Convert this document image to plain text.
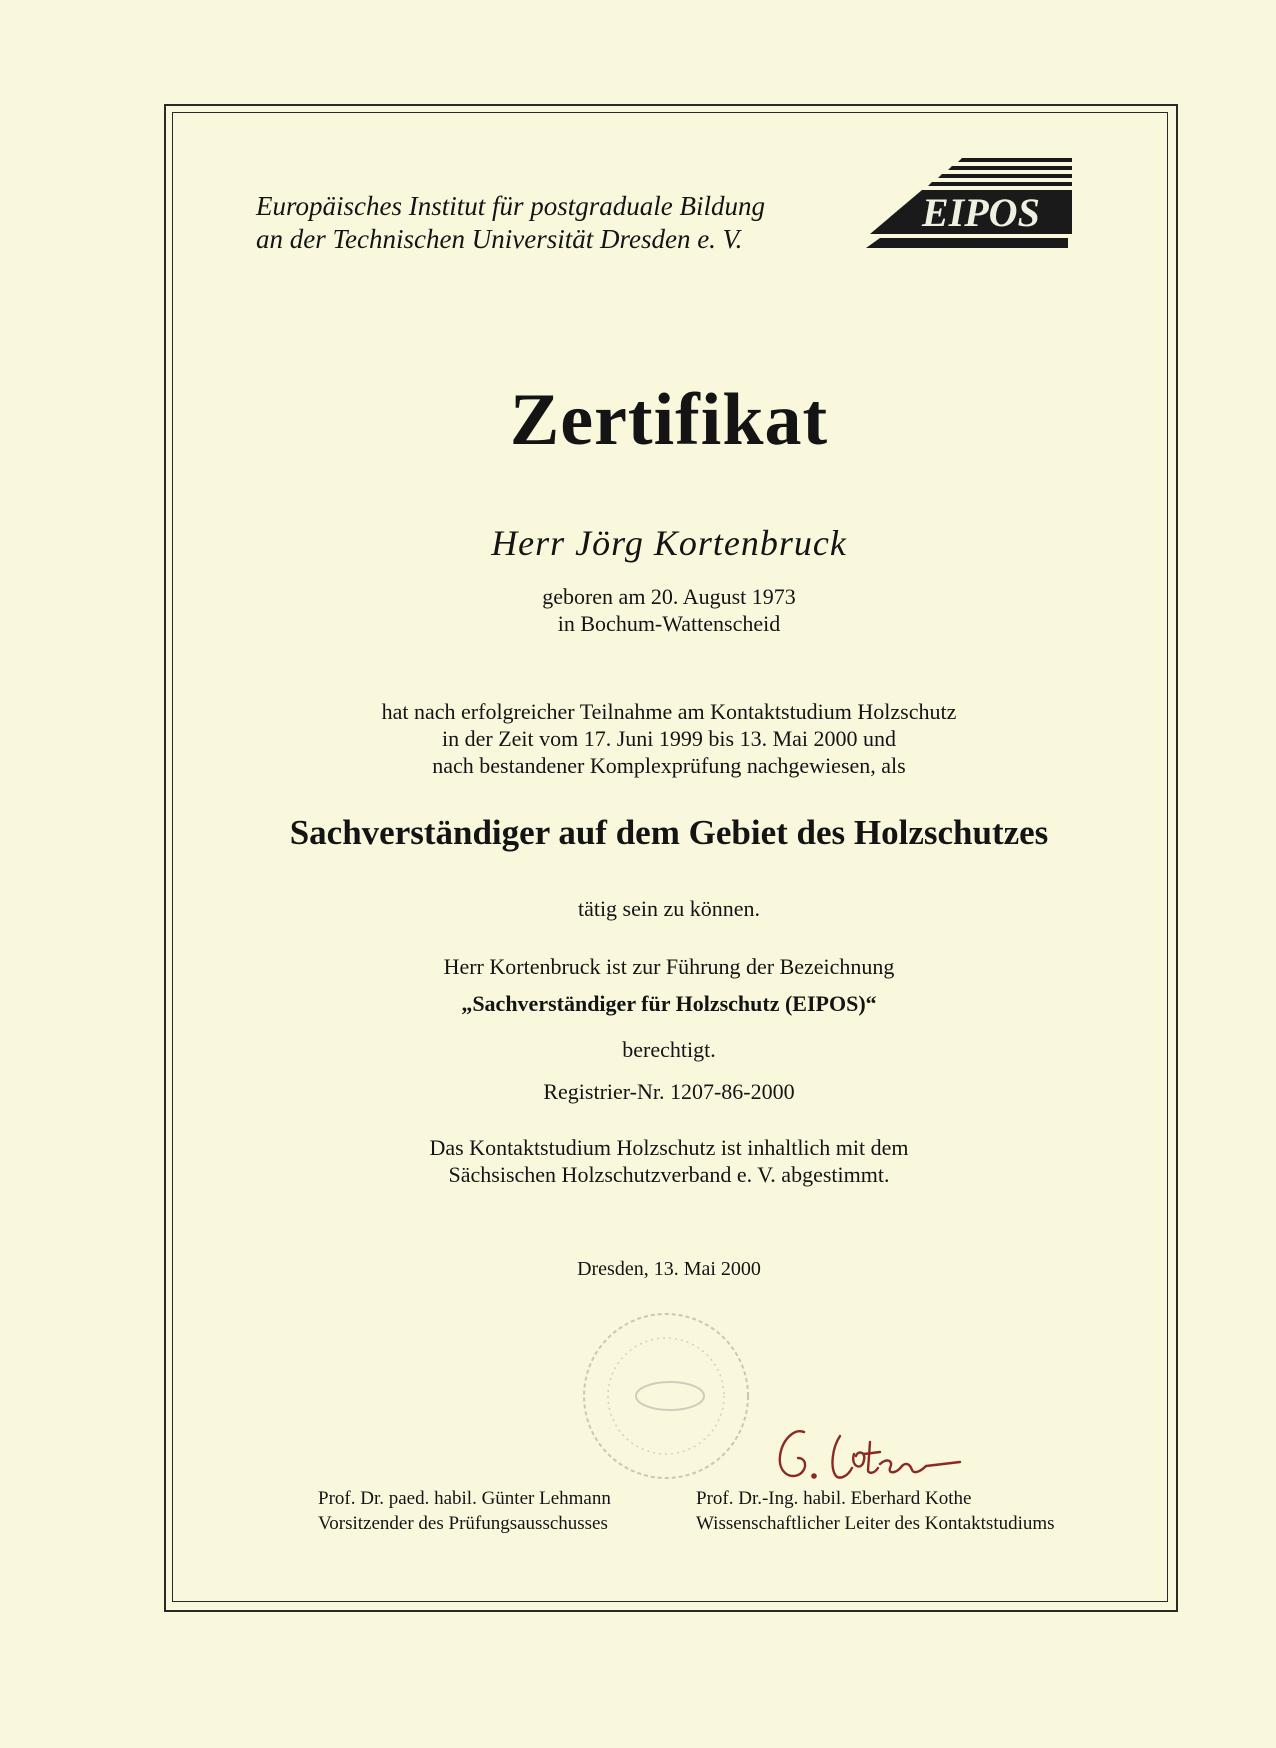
Europäisches Institut für postgraduale Bildung
an der Technischen Universität Dresden e. V.
EIPOS
Zertifikat
Herr Jörg Kortenbruck
geboren am 20. August 1973
in Bochum-Wattenscheid
hat nach erfolgreicher Teilnahme am Kontaktstudium Holzschutz
in der Zeit vom 17. Juni 1999 bis 13. Mai 2000 und
nach bestandener Komplexprüfung nachgewiesen, als
Sachverständiger auf dem Gebiet des Holzschutzes
tätig sein zu können.
Herr Kortenbruck ist zur Führung der Bezeichnung
„Sachverständiger für Holzschutz (EIPOS)“
berechtigt.
Registrier-Nr. 1207-86-2000
Das Kontaktstudium Holzschutz ist inhaltlich mit dem
Sächsischen Holzschutzverband e. V. abgestimmt.
Dresden, 13. Mai 2000
Prof. Dr. paed. habil. Günter Lehmann
Vorsitzender des Prüfungsausschusses
Prof. Dr.-Ing. habil. Eberhard Kothe
Wissenschaftlicher Leiter des Kontaktstudiums
